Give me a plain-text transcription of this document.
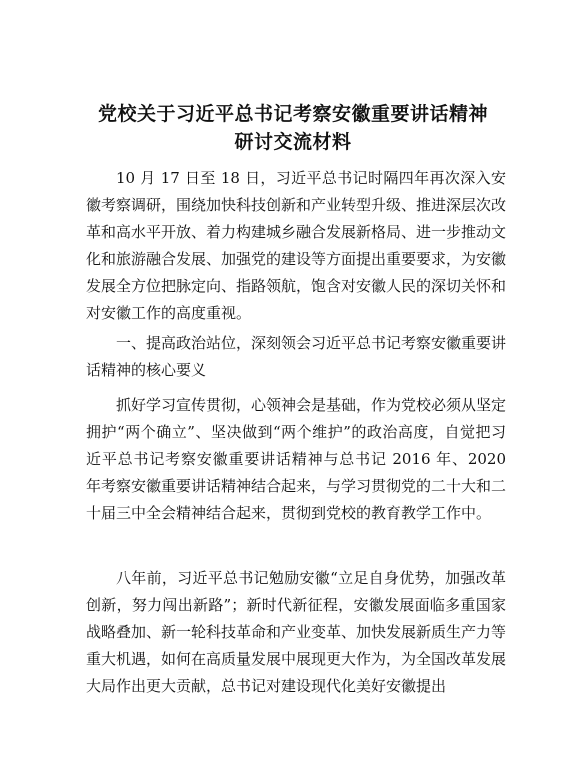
党校关于习近平总书记考察安徽重要讲话精神
研讨交流材料

10 月 17 日至 18 日，习近平总书记时隔四年再次深入安徽考察调研，围绕加快科技创新和产业转型升级、推进深层次改革和高水平开放、着力构建城乡融合发展新格局、进一步推动文化和旅游融合发展、加强党的建设等方面提出重要要求，为安徽发展全方位把脉定向、指路领航，饱含对安徽人民的深切关怀和对安徽工作的高度重视。

一、提高政治站位，深刻领会习近平总书记考察安徽重要讲话精神的核心要义

抓好学习宣传贯彻，心领神会是基础，作为党校必须从坚定拥护“两个确立”、坚决做到“两个维护”的政治高度，自觉把习近平总书记考察安徽重要讲话精神与总书记 2016 年、2020 年考察安徽重要讲话精神结合起来，与学习贯彻党的二十大和二十届三中全会精神结合起来，贯彻到党校的教育教学工作中。

八年前，习近平总书记勉励安徽“立足自身优势，加强改革创新，努力闯出新路”；新时代新征程，安徽发展面临多重国家战略叠加、新一轮科技革命和产业变革、加快发展新质生产力等重大机遇，如何在高质量发展中展现更大作为，为全国改革发展大局作出更大贡献，总书记对建设现代化美好安徽提出
